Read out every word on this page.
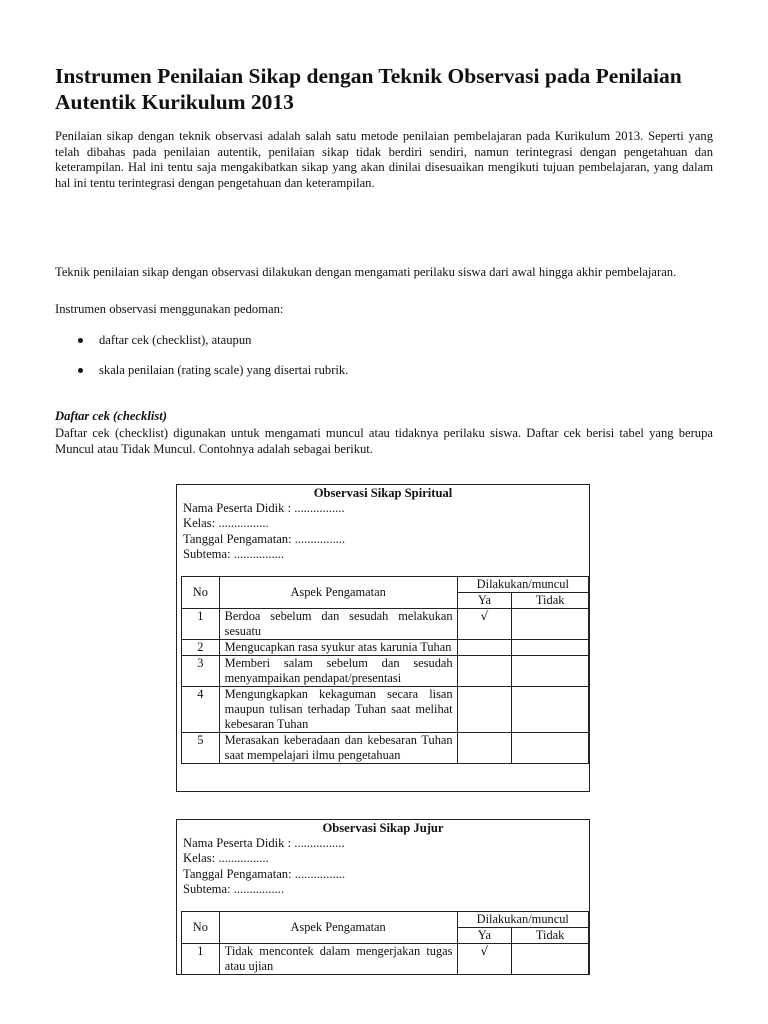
Instrumen Penilaian Sikap dengan Teknik Observasi pada Penilaian Autentik Kurikulum 2013

Penilaian sikap dengan teknik observasi adalah salah satu metode penilaian pembelajaran pada Kurikulum 2013. Seperti yang telah dibahas pada penilaian autentik, penilaian sikap tidak berdiri sendiri, namun terintegrasi dengan pengetahuan dan keterampilan. Hal ini tentu saja mengakibatkan sikap yang akan dinilai disesuaikan mengikuti tujuan pembelajaran, yang dalam hal ini tentu terintegrasi dengan pengetahuan dan keterampilan.

Teknik penilaian sikap dengan observasi dilakukan dengan mengamati perilaku siswa dari awal hingga akhir pembelajaran.

Instrumen observasi menggunakan pedoman:

daftar cek (checklist), ataupun
skala penilaian (rating scale) yang disertai rubrik.

Daftar cek (checklist)

Daftar cek (checklist) digunakan untuk mengamati muncul atau tidaknya perilaku siswa. Daftar cek berisi tabel yang berupa Muncul atau Tidak Muncul. Contohnya adalah sebagai berikut.

Observasi Sikap Spiritual
Nama Peserta Didik : ................
Kelas: ................
Tanggal Pengamatan: ................
Subtema: ................
No	Aspek Pengamatan	Dilakukan/muncul	
		Ya	Tidak
1	Berdoa sebelum dan sesudah melakukan sesuatu	√	
2	Mengucapkan rasa syukur atas karunia Tuhan		
3	Memberi salam sebelum dan sesudah menyampaikan pendapat/presentasi		
4	Mengungkapkan kekaguman secara lisan maupun tulisan terhadap Tuhan saat melihat kebesaran Tuhan		
5	Merasakan keberadaan dan kebesaran Tuhan saat mempelajari ilmu pengetahuan		
Observasi Sikap Jujur
Nama Peserta Didik : ................
Kelas: ................
Tanggal Pengamatan: ................
Subtema: ................
No	Aspek Pengamatan	Dilakukan/muncul	
		Ya	Tidak
1	Tidak mencontek dalam mengerjakan tugas atau ujian	√	
